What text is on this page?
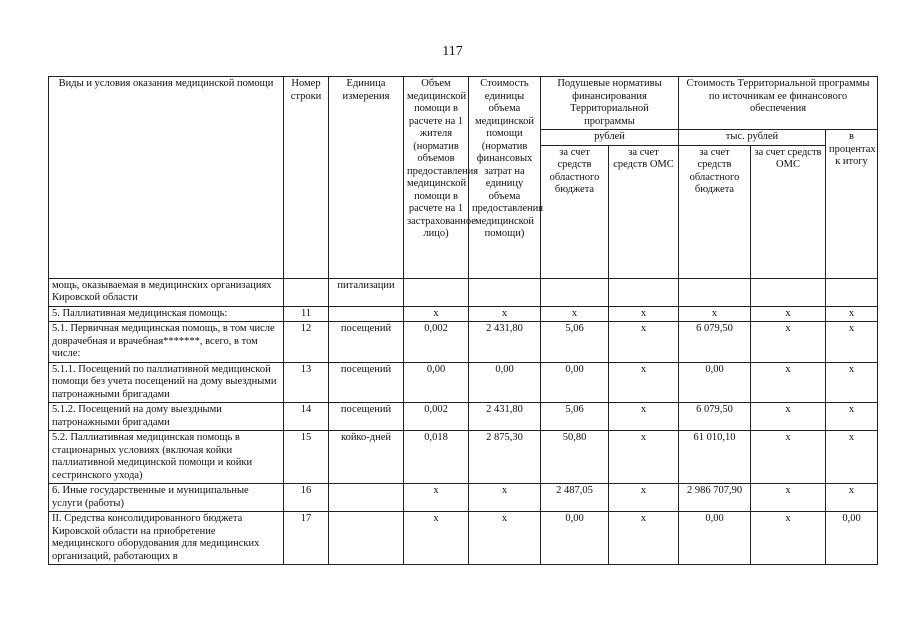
117
Виды и условия оказания медицинской помощи	Номер строки	Единица измерения	Объем медицинской помощи в расчете на 1 жителя (норматив объемов предоставления медицинской помощи в расчете на 1 застрахованное лицо)	Стоимость единицы объема медицинской помощи (норматив финансовых затрат на единицу объема предоставления медицинской помощи)	Подушевые нормативы финансирования Территориальной программы		Стоимость Территориальной программы по источникам ее финансового обеспечения		
					рублей		тыс. рублей		в процентах к итогу
					за счет средств областного бюджета	за счет средств ОМС	за счет средств областного бюджета	за счет средств ОМС	
мощь, оказываемая в медицинских организациях Кировской области		питализации							
5. Паллиативная медицинская помощь:	11		х	х	х	х	х	х	х
5.1. Первичная медицинская помощь, в том числе доврачебная и врачебная*******, всего, в том числе:	12	посещений	0,002	2 431,80	5,06	х	6 079,50	х	х
5.1.1. Посещений по паллиативной медицинской помощи без учета посещений на дому выездными патронажными бригадами	13	посещений	0,00	0,00	0,00	х	0,00	х	х
5.1.2. Посещений на дому выездными патронажными бригадами	14	посещений	0,002	2 431,80	5,06	х	6 079,50	х	х
5.2. Паллиативная медицинская помощь в стационарных условиях (включая койки паллиативной медицинской помощи и койки сестринского ухода)	15	койко-дней	0,018	2 875,30	50,80	х	61 010,10	х	х
6. Иные государственные и муниципальные услуги (работы)	16		х	х	2 487,05	х	2 986 707,90	х	х
II. Средства консолидированного бюджета Кировской области на приобретение медицинского оборудования для медицинских организаций, работающих в	17		х	х	0,00	х	0,00	х	0,00
